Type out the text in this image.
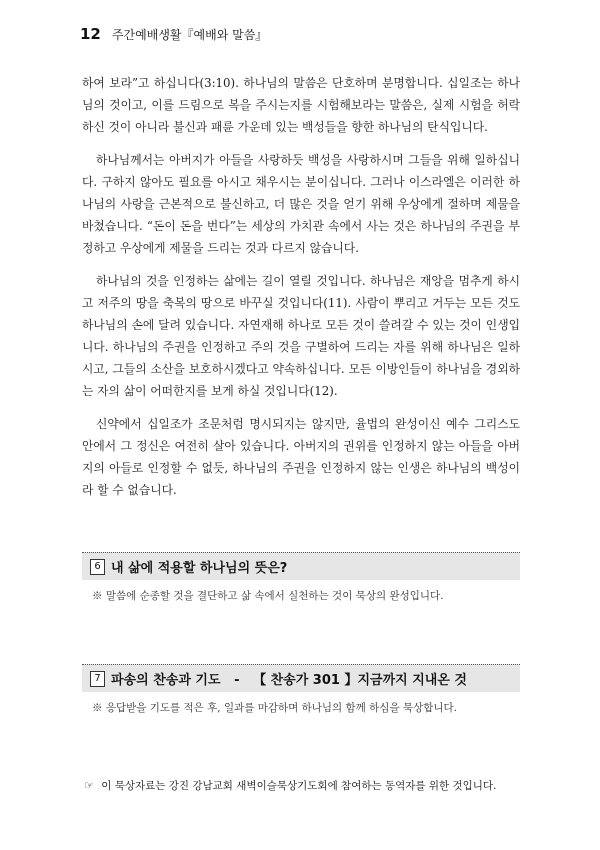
12 주간예배생활『예배와 말씀』

하여 보라”고 하십니다(3:10). 하나님의 말씀은 단호하며 분명합니다. 십일조는 하나님의 것이고, 이를 드림으로 복을 주시는지를 시험해보라는 말씀은, 실제 시험을 허락하신 것이 아니라 불신과 패륜 가운데 있는 백성들을 향한 하나님의 탄식입니다.

하나님께서는 아버지가 아들을 사랑하듯 백성을 사랑하시며 그들을 위해 일하십니다. 구하지 않아도 필요를 아시고 채우시는 분이십니다. 그러나 이스라엘은 이러한 하나님의 사랑을 근본적으로 불신하고, 더 많은 것을 얻기 위해 우상에게 절하며 제물을 바쳤습니다. “돈이 돈을 번다”는 세상의 가치관 속에서 사는 것은 하나님의 주권을 부정하고 우상에게 제물을 드리는 것과 다르지 않습니다.

하나님의 것을 인정하는 삶에는 길이 열릴 것입니다. 하나님은 재앙을 멈추게 하시고 저주의 땅을 축복의 땅으로 바꾸실 것입니다(11). 사람이 뿌리고 거두는 모든 것도 하나님의 손에 달려 있습니다. 자연재해 하나로 모든 것이 쓸려갈 수 있는 것이 인생입니다. 하나님의 주권을 인정하고 주의 것을 구별하여 드리는 자를 위해 하나님은 일하시고, 그들의 소산을 보호하시겠다고 약속하십니다. 모든 이방인들이 하나님을 경외하는 자의 삶이 어떠한지를 보게 하실 것입니다(12).

신약에서 십일조가 조문처럼 명시되지는 않지만, 율법의 완성이신 예수 그리스도 안에서 그 정신은 여전히 살아 있습니다. 아버지의 권위를 인정하지 않는 아들을 아버지의 아들로 인정할 수 없듯, 하나님의 주권을 인정하지 않는 인생은 하나님의 백성이라 할 수 없습니다.

6 내 삶에 적용할 하나님의 뜻은?
※ 말씀에 순종할 것을 결단하고 삶 속에서 실천하는 것이 묵상의 완성입니다.
7 파송의 찬송과 기도   -   【 찬송가 301 】지금까지 지내온 것
※ 응답받을 기도를 적은 후, 일과를 마감하며 하나님의 함께 하심을 묵상합니다.
☞ 이 묵상자료는 강진 강남교회 새벽이슬묵상기도회에 참여하는 동역자를 위한 것입니다.
